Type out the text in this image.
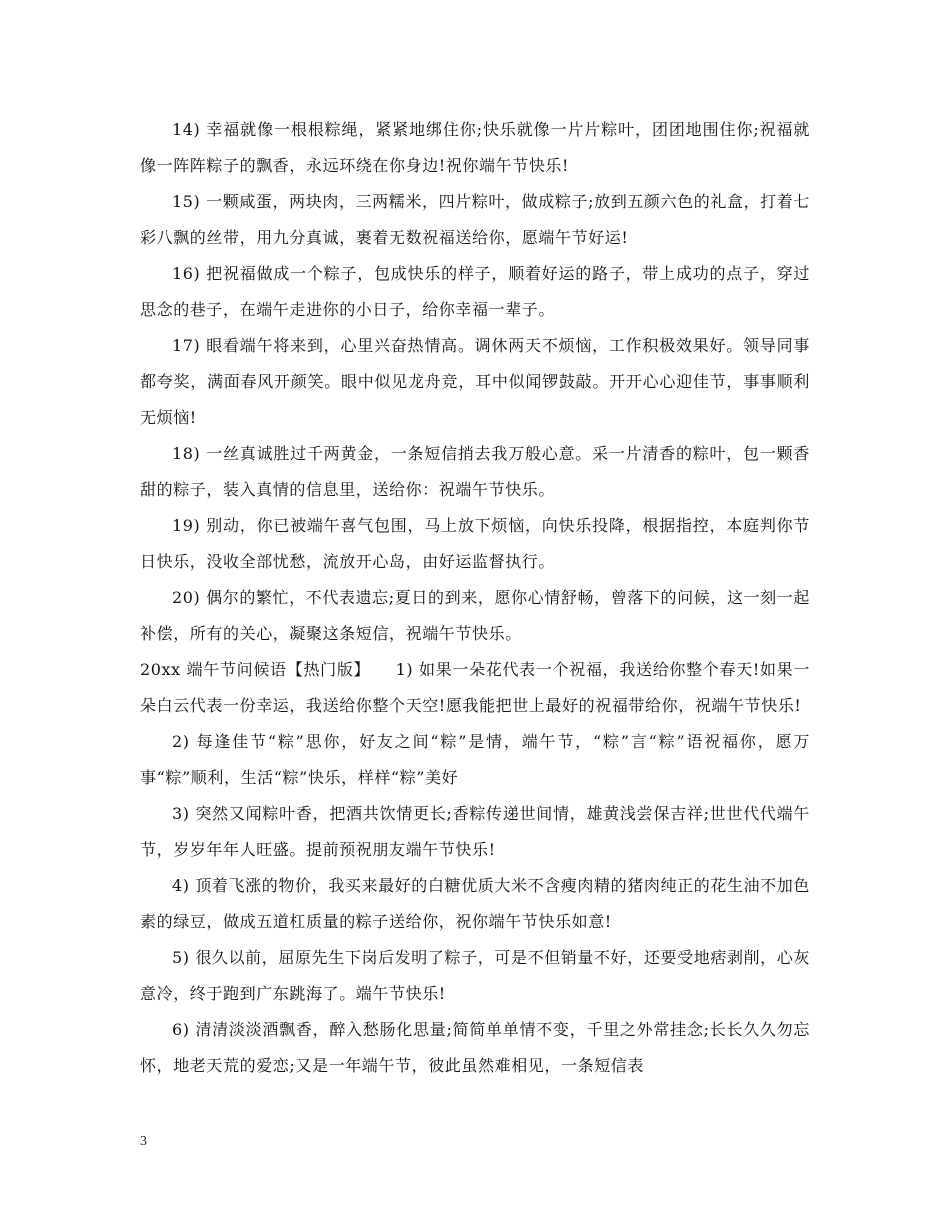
14) 幸福就像一根根粽绳，紧紧地绑住你;快乐就像一片片粽叶，团团地围住你;祝福就像一阵阵粽子的飘香，永远环绕在你身边!祝你端午节快乐!

15) 一颗咸蛋，两块肉，三两糯米，四片粽叶，做成粽子;放到五颜六色的礼盒，打着七彩八飘的丝带，用九分真诚，裹着无数祝福送给你，愿端午节好运!

16) 把祝福做成一个粽子，包成快乐的样子，顺着好运的路子，带上成功的点子，穿过思念的巷子，在端午走进你的小日子，给你幸福一辈子。

17) 眼看端午将来到，心里兴奋热情高。调休两天不烦恼，工作积极效果好。领导同事都夸奖，满面春风开颜笑。眼中似见龙舟竞，耳中似闻锣鼓敲。开开心心迎佳节，事事顺利无烦恼!

18) 一丝真诚胜过千两黄金，一条短信捎去我万般心意。采一片清香的粽叶，包一颗香甜的粽子，装入真情的信息里，送给你：祝端午节快乐。

19) 别动，你已被端午喜气包围，马上放下烦恼，向快乐投降，根据指控，本庭判你节日快乐，没收全部忧愁，流放开心岛，由好运监督执行。

20) 偶尔的繁忙，不代表遗忘;夏日的到来，愿你心情舒畅，曾落下的问候，这一刻一起补偿，所有的关心，凝聚这条短信，祝端午节快乐。

20xx 端午节问候语【热门版】　　1) 如果一朵花代表一个祝福，我送给你整个春天!如果一朵白云代表一份幸运，我送给你整个天空!愿我能把世上最好的祝福带给你，祝端午节快乐!

2) 每逢佳节“粽”思你，好友之间“粽”是情，端午节，“粽”言“粽”语祝福你，愿万事“粽”顺利，生活“粽”快乐，样样“粽”美好

3) 突然又闻粽叶香，把酒共饮情更长;香粽传递世间情，雄黄浅尝保吉祥;世世代代端午节，岁岁年年人旺盛。提前预祝朋友端午节快乐!

4) 顶着飞涨的物价，我买来最好的白糖优质大米不含瘦肉精的猪肉纯正的花生油不加色素的绿豆，做成五道杠质量的粽子送给你，祝你端午节快乐如意!

5) 很久以前，屈原先生下岗后发明了粽子，可是不但销量不好，还要受地痞剥削，心灰意冷，终于跑到广东跳海了。端午节快乐!

6) 清清淡淡酒飘香，醉入愁肠化思量;简简单单情不变，千里之外常挂念;长长久久勿忘怀，地老天荒的爱恋;又是一年端午节，彼此虽然难相见，一条短信表

3
